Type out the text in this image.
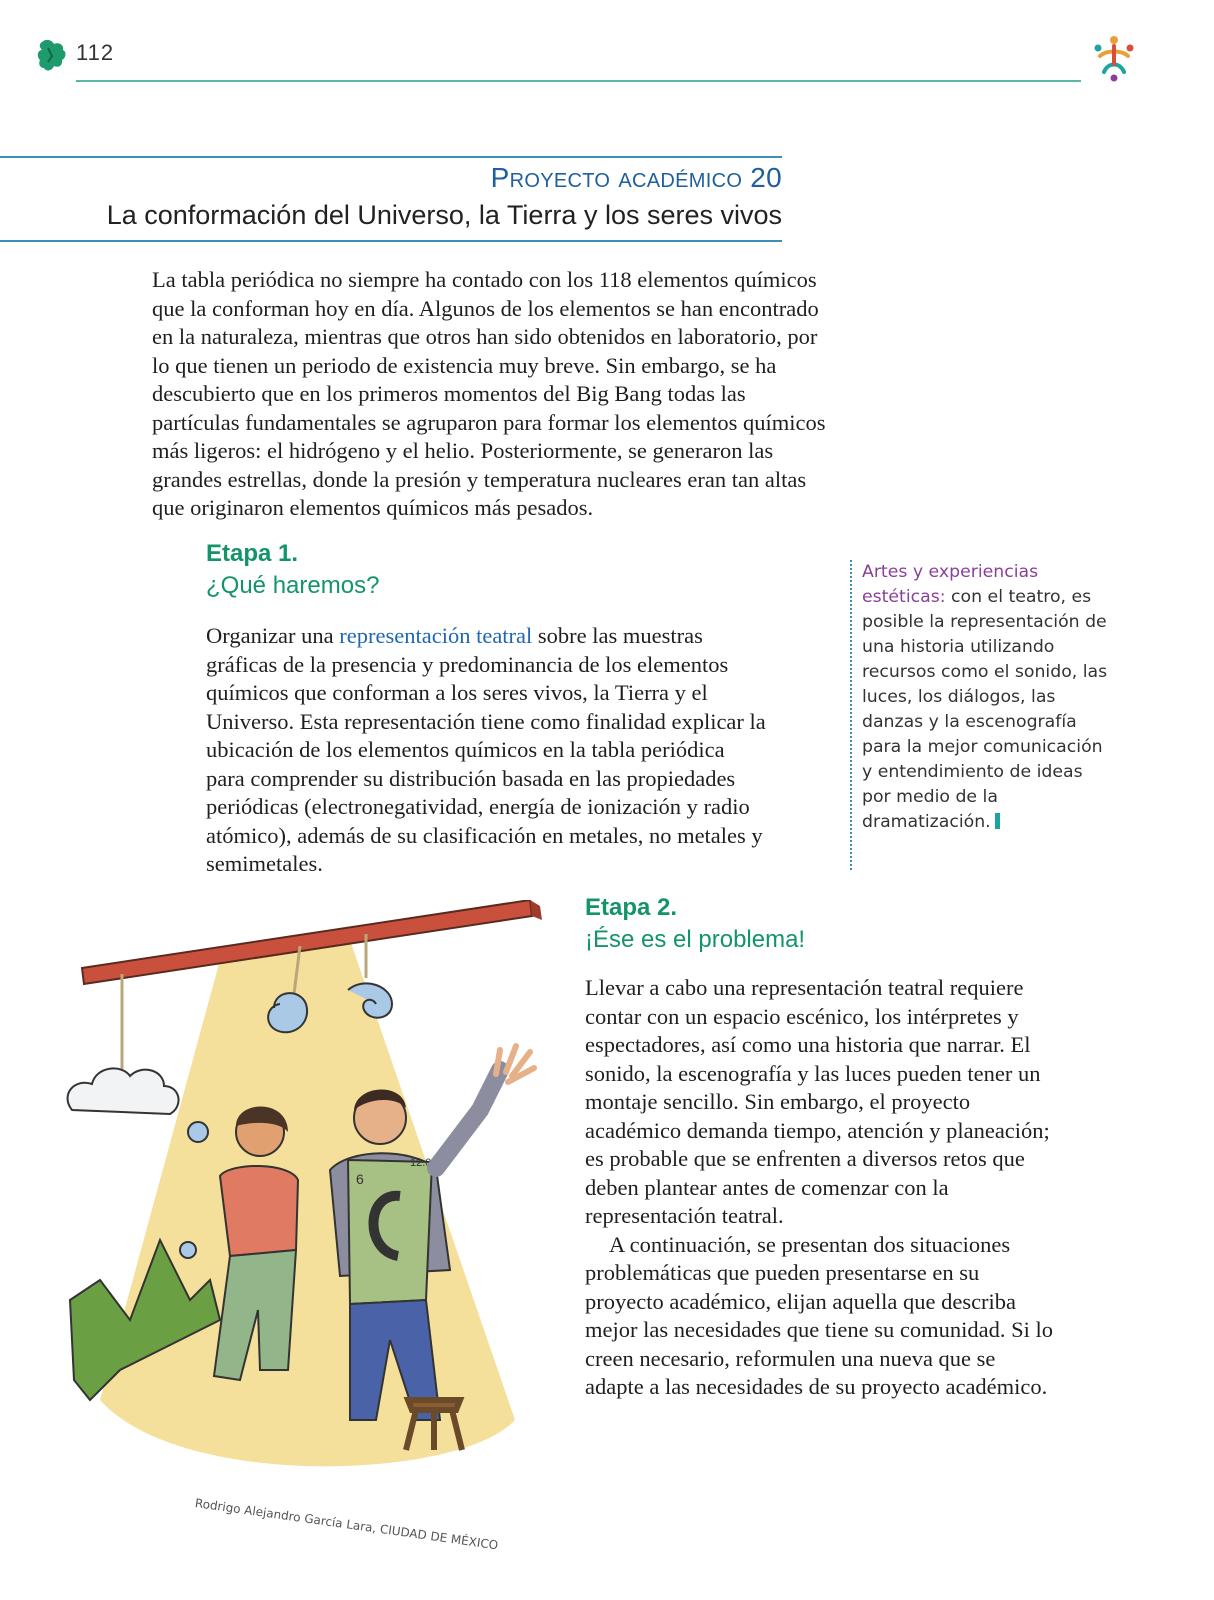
112
Proyecto académico 20
La conformación del Universo, la Tierra y los seres vivos

La tabla periódica no siempre ha contado con los 118 elementos químicos que la conforman hoy en día. Algunos de los elementos se han encontrado en la naturaleza, mientras que otros han sido obtenidos en laboratorio, por lo que tienen un periodo de existencia muy breve. Sin embargo, se ha descubierto que en los primeros momentos del Big Bang todas las partículas fundamentales se agruparon para formar los elementos químicos más ligeros: el hidrógeno y el helio. Posteriormente, se generaron las grandes estrellas, donde la presión y temperatura nucleares eran tan altas que originaron elementos químicos más pesados.

Etapa 1.
¿Qué haremos?

Organizar una representación teatral sobre las muestras gráficas de la presencia y predominancia de los elementos químicos que conforman a los seres vivos, la Tierra y el Universo. Esta representación tiene como finalidad explicar la ubicación de los elementos químicos en la tabla periódica para comprender su distribución basada en las propiedades periódicas (electronegatividad, energía de ionización y radio atómico), además de su clasificación en metales, no metales y semimetales.

Artes y experiencias estéticas: con el teatro, es posible la representación de una historia utilizando recursos como el sonido, las luces, los diálogos, las danzas y la escenografía para la mejor comunicación y entendimiento de ideas por medio de la dramatización.
Etapa 2.
¡Ése es el problema!

Llevar a cabo una representación teatral requiere contar con un espacio escénico, los intérpretes y espectadores, así como una historia que narrar. El sonido, la escenografía y las luces pueden tener un montaje sencillo. Sin embargo, el proyecto académico demanda tiempo, atención y planeación; es probable que se enfrenten a diversos retos que deben plantear antes de comenzar con la representación teatral.

A continuación, se presentan dos situaciones problemáticas que pueden presentarse en su proyecto académico, elijan aquella que describa mejor las necesidades que tiene su comunidad. Si lo creen necesario, reformulen una nueva que se adapte a las necesidades de su proyecto académico.

6
12.011
Rodrigo Alejandro García Lara, CIUDAD DE MÉXICO
